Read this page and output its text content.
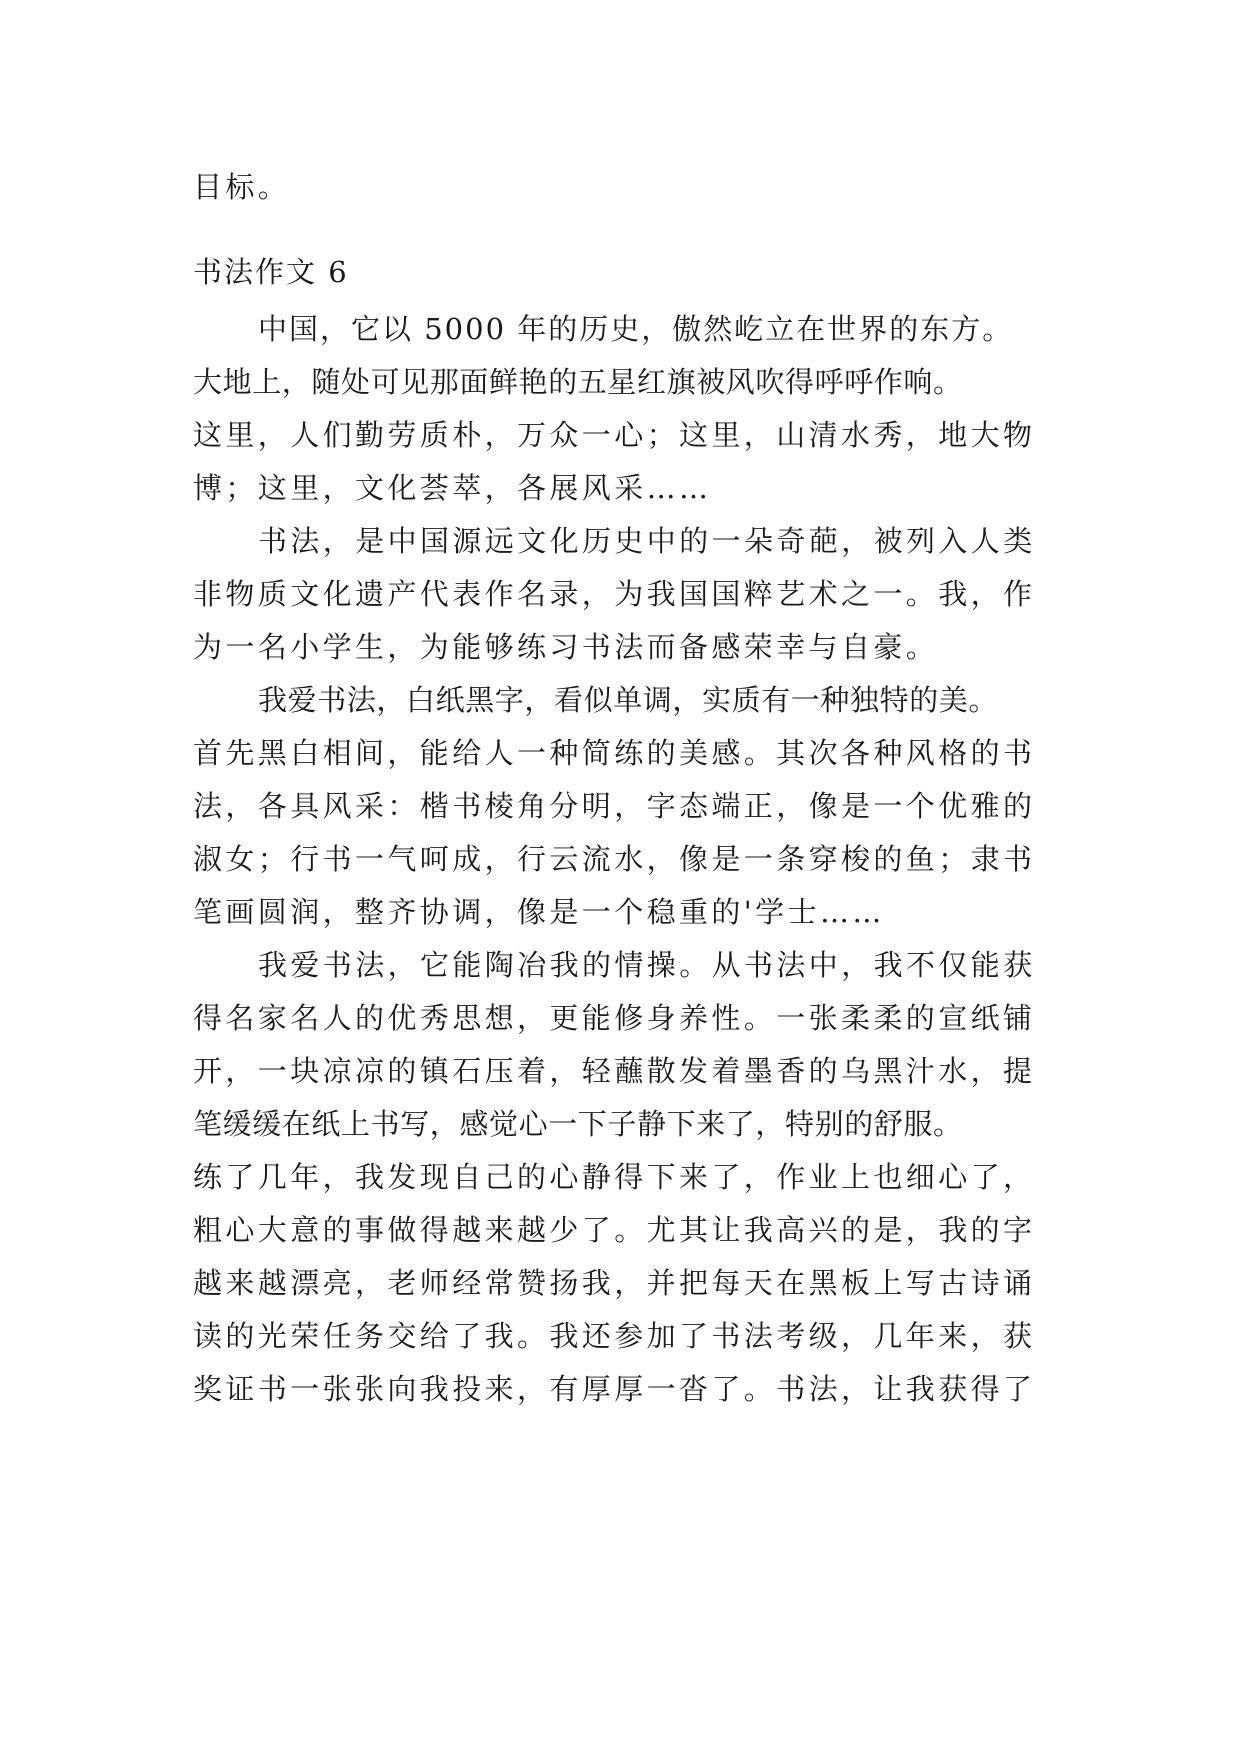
目标。
书法作文 6
中国，它以 5000 年的历史，傲然屹立在世界的东方。
大地上，随处可见那面鲜艳的五星红旗被风吹得呼呼作响。
这里，人们勤劳质朴，万众一心；这里，山清水秀，地大物
博；这里，文化荟萃，各展风采……
书法，是中国源远文化历史中的一朵奇葩，被列入人类
非物质文化遗产代表作名录，为我国国粹艺术之一。我，作
为一名小学生，为能够练习书法而备感荣幸与自豪。
我爱书法，白纸黑字，看似单调，实质有一种独特的美。
首先黑白相间，能给人一种简练的美感。其次各种风格的书
法，各具风采：楷书棱角分明，字态端正，像是一个优雅的
淑女；行书一气呵成，行云流水，像是一条穿梭的鱼；隶书
笔画圆润，整齐协调，像是一个稳重的'学士……
我爱书法，它能陶冶我的情操。从书法中，我不仅能获
得名家名人的优秀思想，更能修身养性。一张柔柔的宣纸铺
开，一块凉凉的镇石压着，轻蘸散发着墨香的乌黑汁水，提
笔缓缓在纸上书写，感觉心一下子静下来了，特别的舒服。
练了几年，我发现自己的心静得下来了，作业上也细心了，
粗心大意的事做得越来越少了。尤其让我高兴的是，我的字
越来越漂亮，老师经常赞扬我，并把每天在黑板上写古诗诵
读的光荣任务交给了我。我还参加了书法考级，几年来，获
奖证书一张张向我投来，有厚厚一沓了。书法，让我获得了
